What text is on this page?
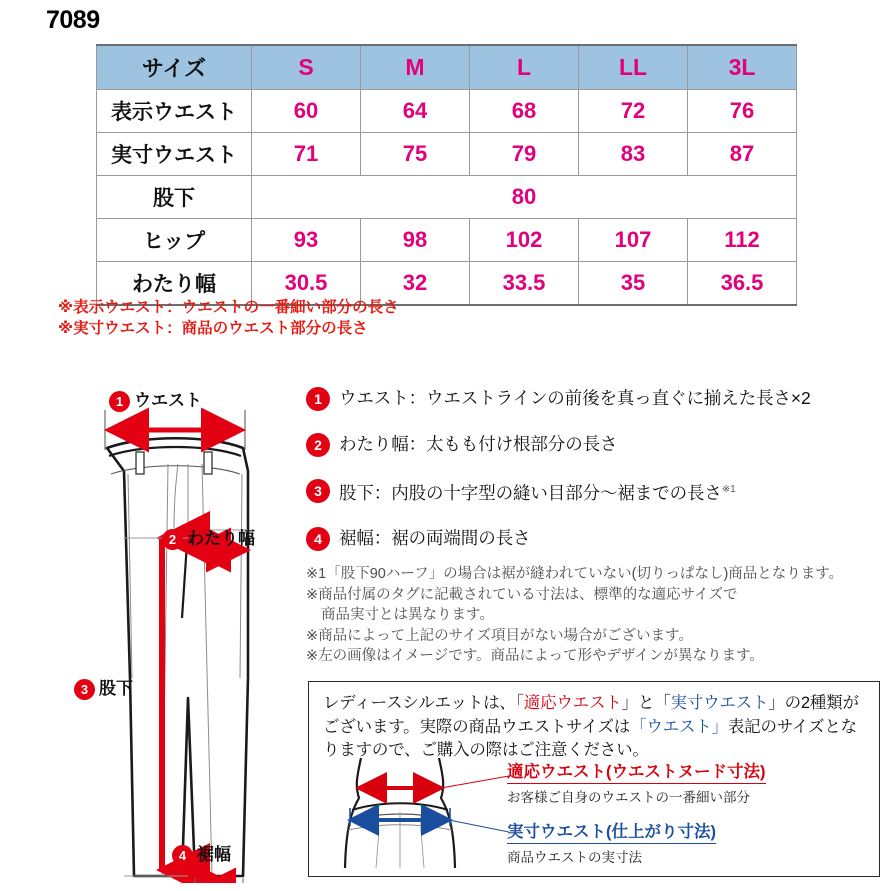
7089
サイズ	S	M	L	LL	3L
表示ウエスト	60	64	68	72	76
実寸ウエスト	71	75	79	83	87
股下	80				
ヒップ	93	98	102	107	112
わたり幅	30.5	32	33.5	35	36.5
※表示ウエスト：ウエストの一番細い部分の長さ
※実寸ウエスト：商品のウエスト部分の長さ
1 ウエスト
2 わたり幅
3 股下
4 裾幅
1 ウエスト：ウエストラインの前後を真っ直ぐに揃えた長さ×2
2 わたり幅：太もも付け根部分の長さ
3 股下：内股の十字型の縫い目部分〜裾までの長さ$^{※1}$
4 裾幅：裾の両端間の長さ
※1「股下90ハーフ」の場合は裾が縫われていない(切りっぱなし)商品となります。
※商品付属のタグに記載されている寸法は、標準的な適応サイズで
商品実寸とは異なります。
※商品によって上記のサイズ項目がない場合がございます。
※左の画像はイメージです。商品によって形やデザインが異なります。
レディースシルエットは、「適応ウエスト」と「実寸ウエスト」の2種類がございます。実際の商品ウエストサイズは「ウエスト」表記のサイズとなりますので、ご購入の際はご注意ください。
適応ウエスト(ウエストヌード寸法)
お客様ご自身のウエストの一番細い部分
実寸ウエスト(仕上がり寸法)
商品ウエストの実寸法
